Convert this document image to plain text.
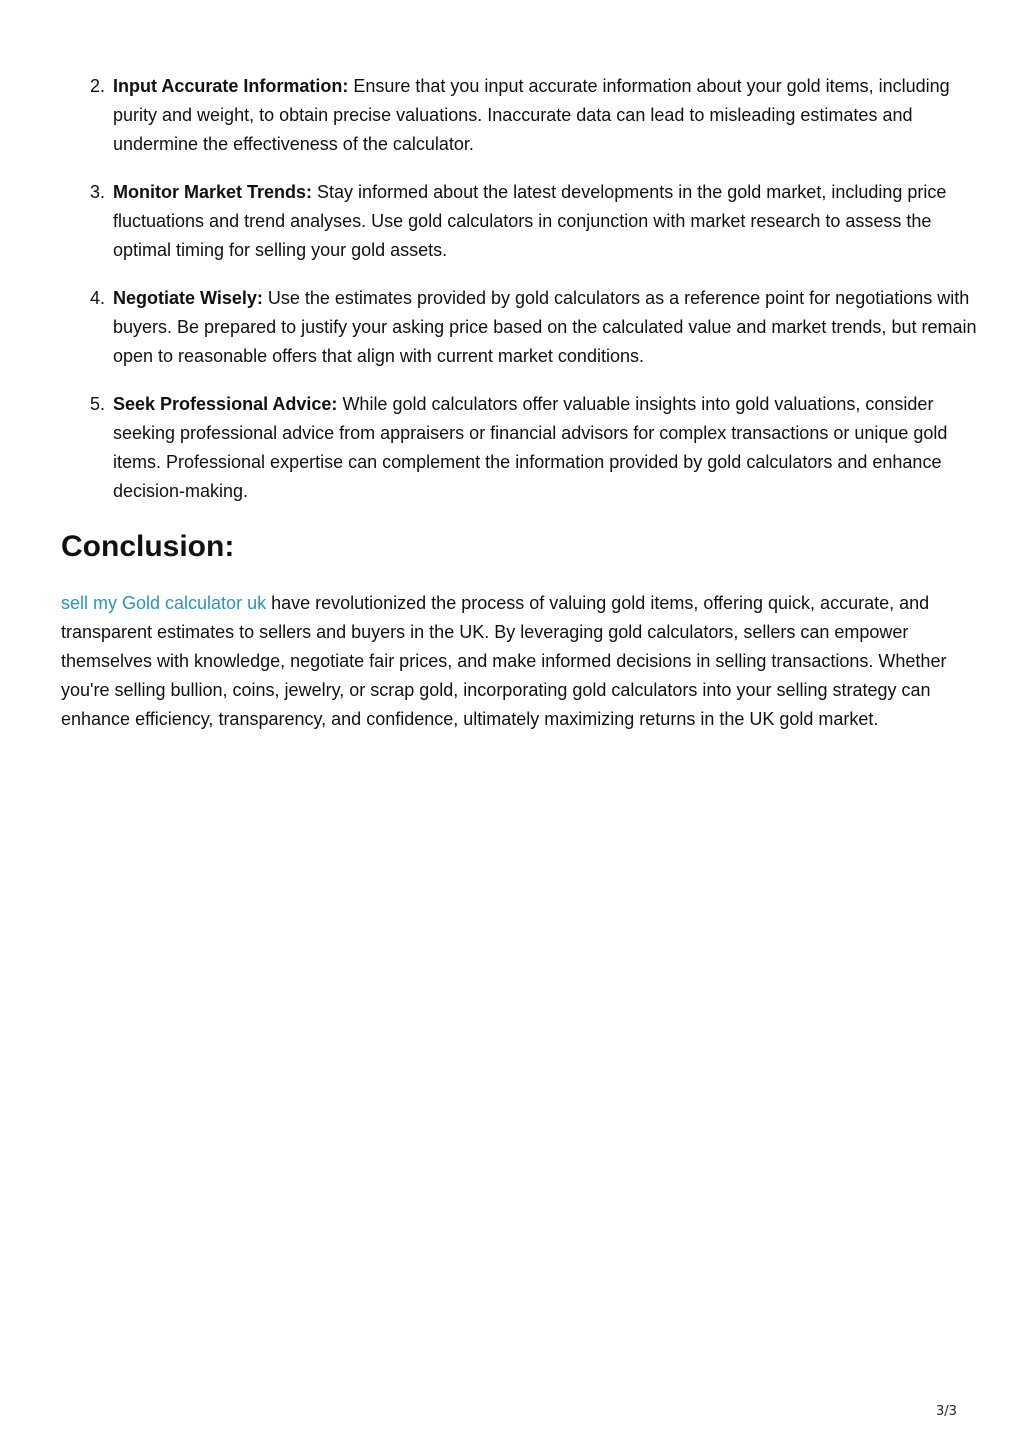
2. Input Accurate Information: Ensure that you input accurate information about your gold items, including purity and weight, to obtain precise valuations. Inaccurate data can lead to misleading estimates and undermine the effectiveness of the calculator.
3. Monitor Market Trends: Stay informed about the latest developments in the gold market, including price fluctuations and trend analyses. Use gold calculators in conjunction with market research to assess the optimal timing for selling your gold assets.
4. Negotiate Wisely: Use the estimates provided by gold calculators as a reference point for negotiations with buyers. Be prepared to justify your asking price based on the calculated value and market trends, but remain open to reasonable offers that align with current market conditions.
5. Seek Professional Advice: While gold calculators offer valuable insights into gold valuations, consider seeking professional advice from appraisers or financial advisors for complex transactions or unique gold items. Professional expertise can complement the information provided by gold calculators and enhance decision-making.
Conclusion:

sell my Gold calculator uk have revolutionized the process of valuing gold items, offering quick, accurate, and transparent estimates to sellers and buyers in the UK. By leveraging gold calculators, sellers can empower themselves with knowledge, negotiate fair prices, and make informed decisions in selling transactions. Whether you're selling bullion, coins, jewelry, or scrap gold, incorporating gold calculators into your selling strategy can enhance efficiency, transparency, and confidence, ultimately maximizing returns in the UK gold market.

3/3
